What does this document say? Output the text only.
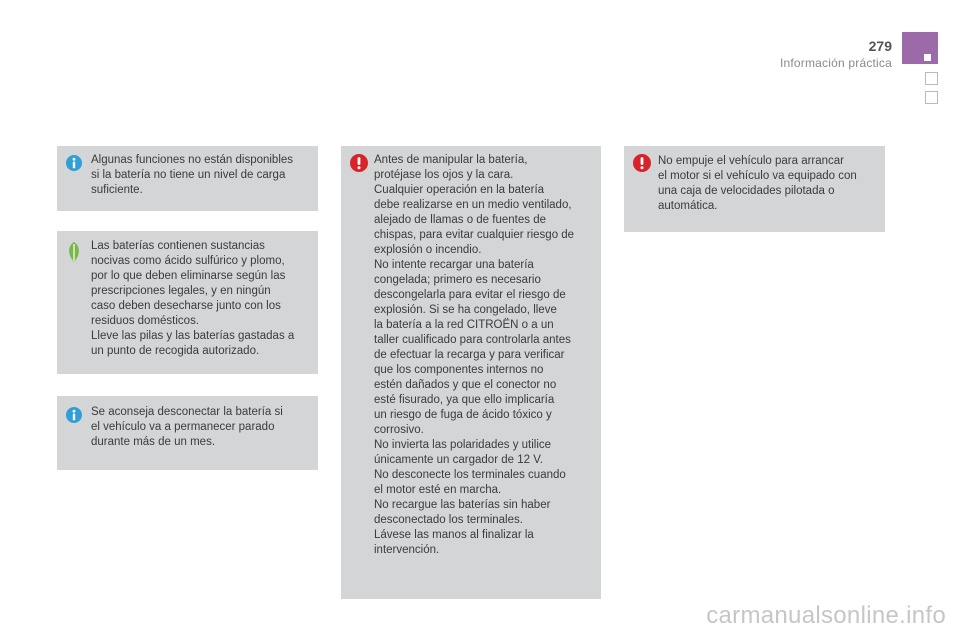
279
Información práctica
Algunas funciones no están disponibles
si la batería no tiene un nivel de carga
suficiente.
Las baterías contienen sustancias
nocivas como ácido sulfúrico y plomo,
por lo que deben eliminarse según las
prescripciones legales, y en ningún
caso deben desecharse junto con los
residuos domésticos.
Lleve las pilas y las baterías gastadas a
un punto de recogida autorizado.
Se aconseja desconectar la batería si
el vehículo va a permanecer parado
durante más de un mes.
Antes de manipular la batería,
protéjase los ojos y la cara.
Cualquier operación en la batería
debe realizarse en un medio ventilado,
alejado de llamas o de fuentes de
chispas, para evitar cualquier riesgo de
explosión o incendio.
No intente recargar una batería
congelada; primero es necesario
descongelarla para evitar el riesgo de
explosión. Si se ha congelado, lleve
la batería a la red CITROËN o a un
taller cualificado para controlarla antes
de efectuar la recarga y para verificar
que los componentes internos no
estén dañados y que el conector no
esté fisurado, ya que ello implicaría
un riesgo de fuga de ácido tóxico y
corrosivo.
No invierta las polaridades y utilice
únicamente un cargador de 12 V.
No desconecte los terminales cuando
el motor esté en marcha.
No recargue las baterías sin haber
desconectado los terminales.
Lávese las manos al finalizar la
intervención.
No empuje el vehículo para arrancar
el motor si el vehículo va equipado con
una caja de velocidades pilotada o
automática.
carmanualsonline.info
